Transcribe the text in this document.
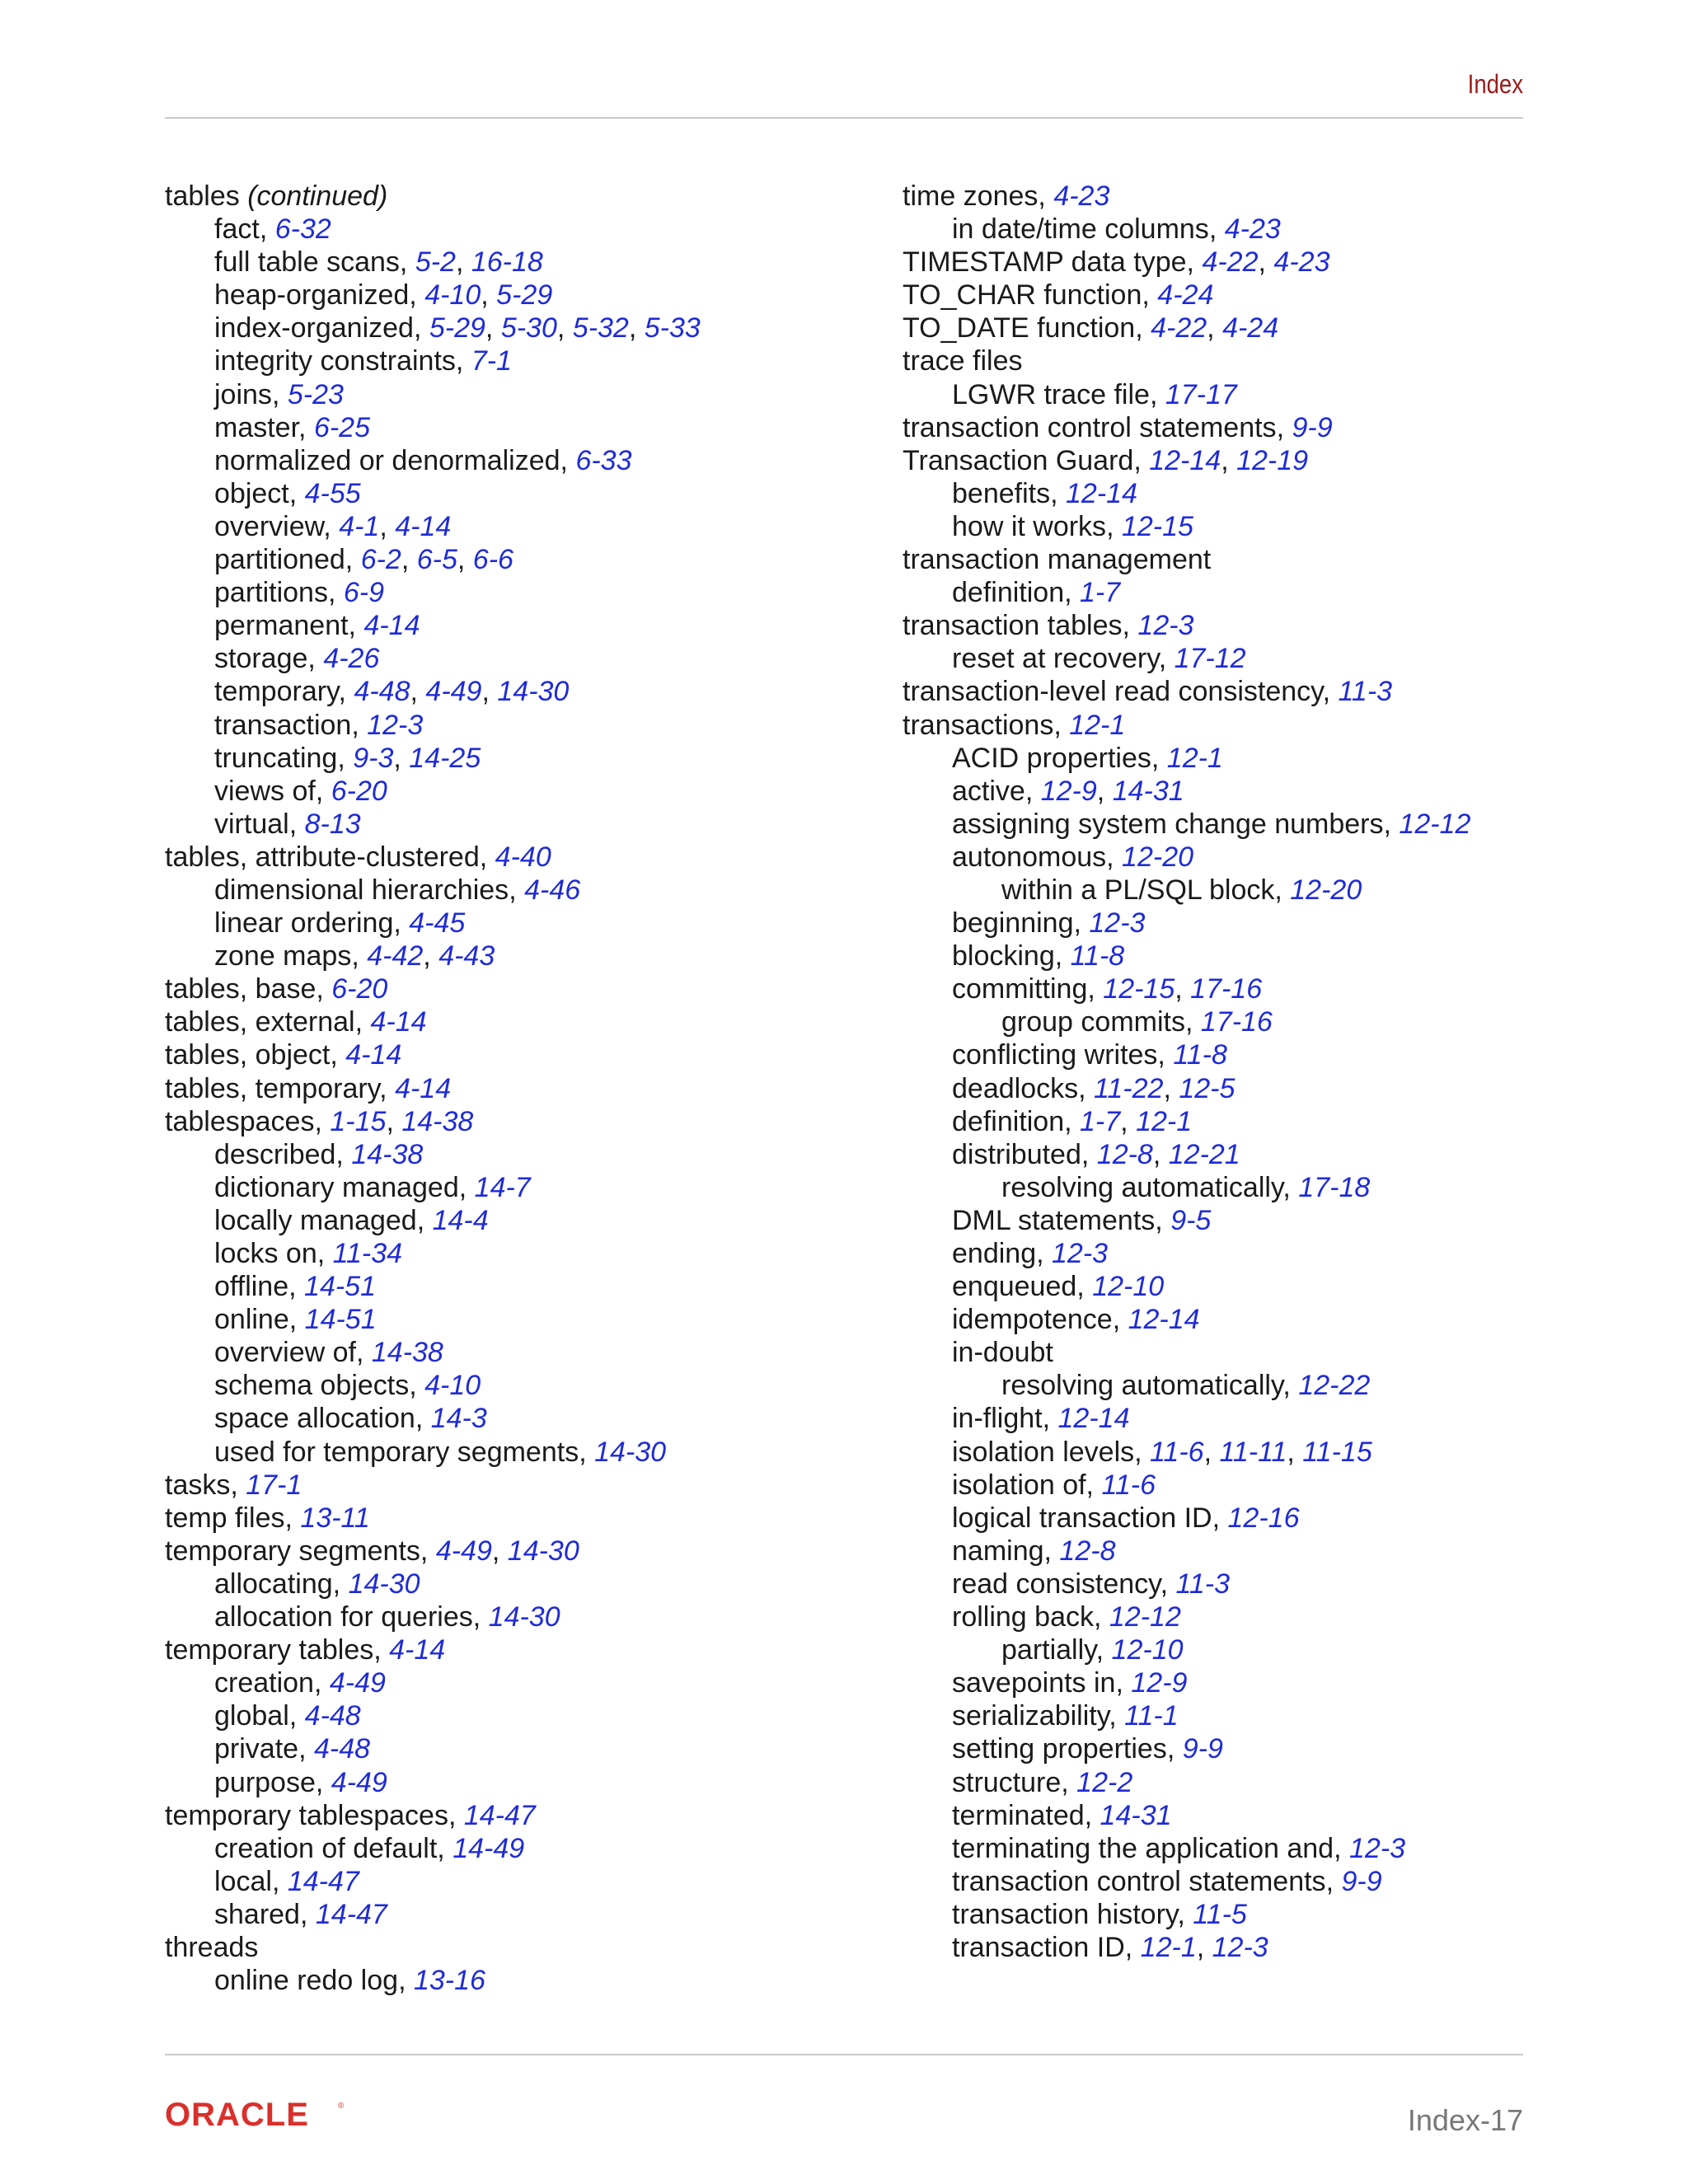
Index
tables (continued)
fact, 6-32
full table scans, 5-2, 16-18
heap-organized, 4-10, 5-29
index-organized, 5-29, 5-30, 5-32, 5-33
integrity constraints, 7-1
joins, 5-23
master, 6-25
normalized or denormalized, 6-33
object, 4-55
overview, 4-1, 4-14
partitioned, 6-2, 6-5, 6-6
partitions, 6-9
permanent, 4-14
storage, 4-26
temporary, 4-48, 4-49, 14-30
transaction, 12-3
truncating, 9-3, 14-25
views of, 6-20
virtual, 8-13
tables, attribute-clustered, 4-40
dimensional hierarchies, 4-46
linear ordering, 4-45
zone maps, 4-42, 4-43
tables, base, 6-20
tables, external, 4-14
tables, object, 4-14
tables, temporary, 4-14
tablespaces, 1-15, 14-38
described, 14-38
dictionary managed, 14-7
locally managed, 14-4
locks on, 11-34
offline, 14-51
online, 14-51
overview of, 14-38
schema objects, 4-10
space allocation, 14-3
used for temporary segments, 14-30
tasks, 17-1
temp files, 13-11
temporary segments, 4-49, 14-30
allocating, 14-30
allocation for queries, 14-30
temporary tables, 4-14
creation, 4-49
global, 4-48
private, 4-48
purpose, 4-49
temporary tablespaces, 14-47
creation of default, 14-49
local, 14-47
shared, 14-47
threads
online redo log, 13-16
time zones, 4-23
in date/time columns, 4-23
TIMESTAMP data type, 4-22, 4-23
TO_CHAR function, 4-24
TO_DATE function, 4-22, 4-24
trace files
LGWR trace file, 17-17
transaction control statements, 9-9
Transaction Guard, 12-14, 12-19
benefits, 12-14
how it works, 12-15
transaction management
definition, 1-7
transaction tables, 12-3
reset at recovery, 17-12
transaction-level read consistency, 11-3
transactions, 12-1
ACID properties, 12-1
active, 12-9, 14-31
assigning system change numbers, 12-12
autonomous, 12-20
within a PL/SQL block, 12-20
beginning, 12-3
blocking, 11-8
committing, 12-15, 17-16
group commits, 17-16
conflicting writes, 11-8
deadlocks, 11-22, 12-5
definition, 1-7, 12-1
distributed, 12-8, 12-21
resolving automatically, 17-18
DML statements, 9-5
ending, 12-3
enqueued, 12-10
idempotence, 12-14
in-doubt
resolving automatically, 12-22
in-flight, 12-14
isolation levels, 11-6, 11-11, 11-15
isolation of, 11-6
logical transaction ID, 12-16
naming, 12-8
read consistency, 11-3
rolling back, 12-12
partially, 12-10
savepoints in, 12-9
serializability, 11-1
setting properties, 9-9
structure, 12-2
terminated, 14-31
terminating the application and, 12-3
transaction control statements, 9-9
transaction history, 11-5
transaction ID, 12-1, 12-3
ORACLE	®	Index-17
